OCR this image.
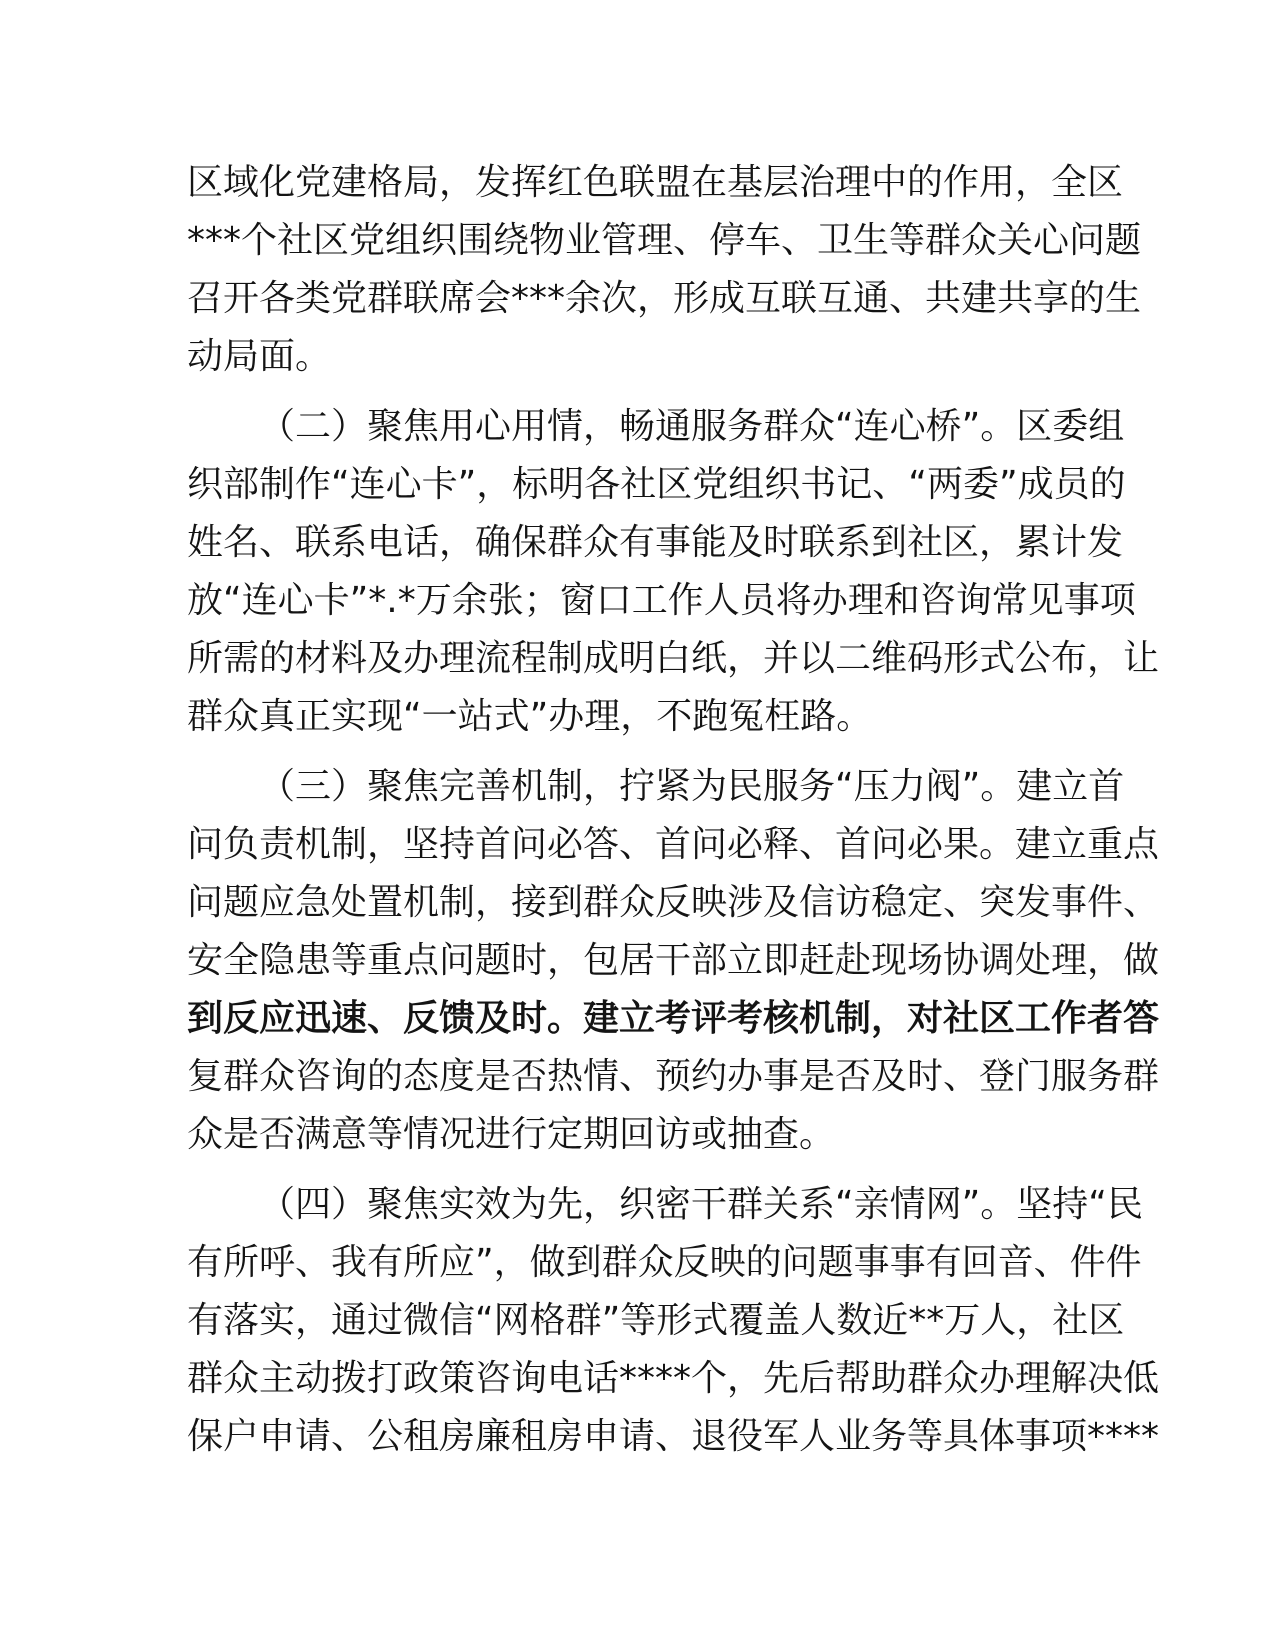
区域化党建格局，发挥红色联盟在基层治理中的作用，全区
***个社区党组织围绕物业管理、停车、卫生等群众关心问题
召开各类党群联席会***余次，形成互联互通、共建共享的生
动局面。
（二）聚焦用心用情，畅通服务群众“连心桥”。区委组
织部制作“连心卡”，标明各社区党组织书记、“两委”成员的
姓名、联系电话，确保群众有事能及时联系到社区，累计发
放“连心卡”*.*万余张；窗口工作人员将办理和咨询常见事项
所需的材料及办理流程制成明白纸，并以二维码形式公布，让
群众真正实现“一站式”办理，不跑冤枉路。
（三）聚焦完善机制，拧紧为民服务“压力阀”。建立首
问负责机制，坚持首问必答、首问必释、首问必果。建立重点
问题应急处置机制，接到群众反映涉及信访稳定、突发事件、
安全隐患等重点问题时，包居干部立即赶赴现场协调处理，做
到反应迅速、反馈及时。建立考评考核机制，对社区工作者答
复群众咨询的态度是否热情、预约办事是否及时、登门服务群
众是否满意等情况进行定期回访或抽查。
（四）聚焦实效为先，织密干群关系“亲情网”。坚持“民
有所呼、我有所应”，做到群众反映的问题事事有回音、件件
有落实，通过微信“网格群”等形式覆盖人数近**万人，社区
群众主动拨打政策咨询电话****个，先后帮助群众办理解决低
保户申请、公租房廉租房申请、退役军人业务等具体事项****
